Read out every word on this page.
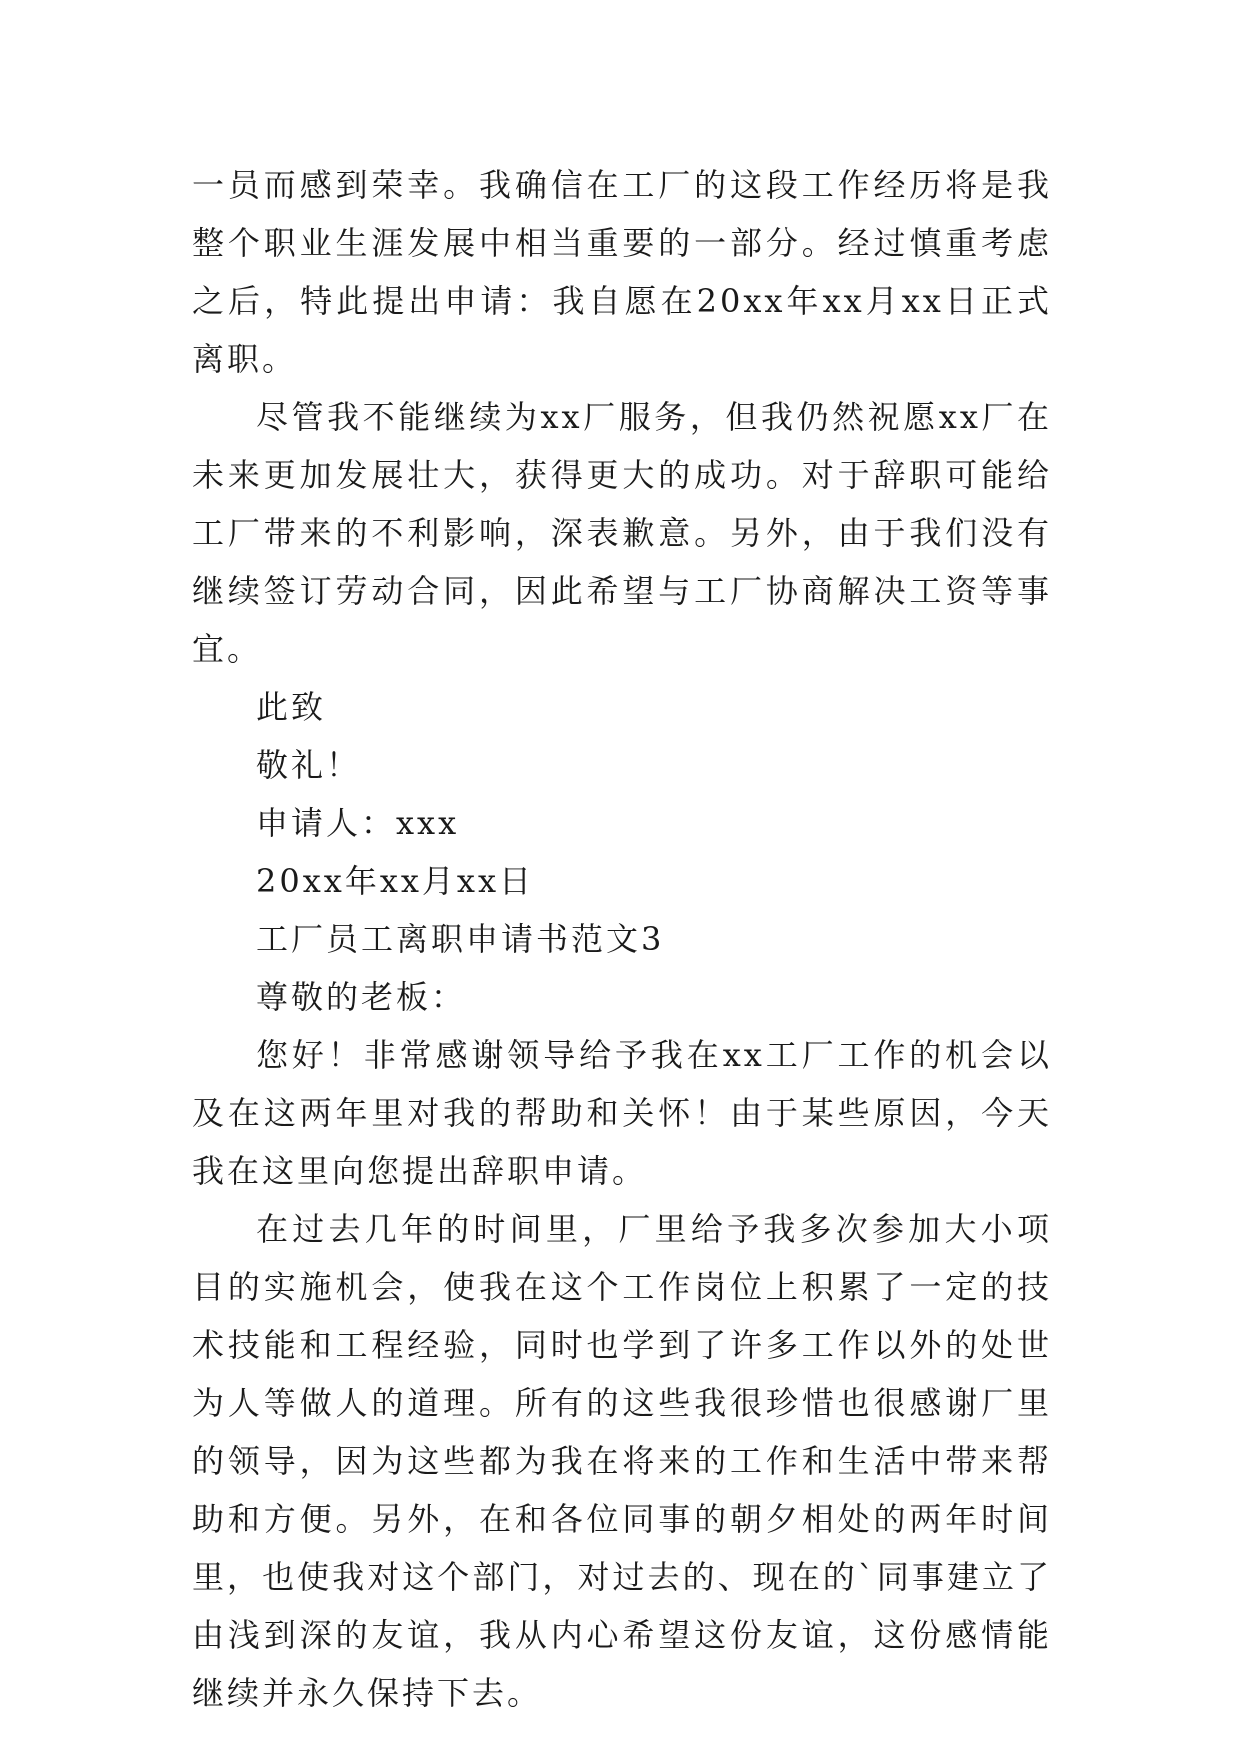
一员而感到荣幸。我确信在工厂的这段工作经历将是我整个职业生涯发展中相当重要的一部分。经过慎重考虑之后，特此提出申请：我自愿在20xx年xx月xx日正式离职。

尽管我不能继续为xx厂服务，但我仍然祝愿xx厂在未来更加发展壮大，获得更大的成功。对于辞职可能给工厂带来的不利影响，深表歉意。另外，由于我们没有继续签订劳动合同，因此希望与工厂协商解决工资等事宜。

此致

敬礼！

申请人：xxx

20xx年xx月xx日

工厂员工离职申请书范文3

尊敬的老板：

您好！非常感谢领导给予我在xx工厂工作的机会以及在这两年里对我的帮助和关怀！由于某些原因，今天我在这里向您提出辞职申请。

在过去几年的时间里，厂里给予我多次参加大小项目的实施机会，使我在这个工作岗位上积累了一定的技术技能和工程经验，同时也学到了许多工作以外的处世为人等做人的道理。所有的这些我很珍惜也很感谢厂里的领导，因为这些都为我在将来的工作和生活中带来帮助和方便。另外，在和各位同事的朝夕相处的两年时间里，也使我对这个部门，对过去的、现在的`同事建立了由浅到深的友谊，我从内心希望这份友谊，这份感情能继续并永久保持下去。
